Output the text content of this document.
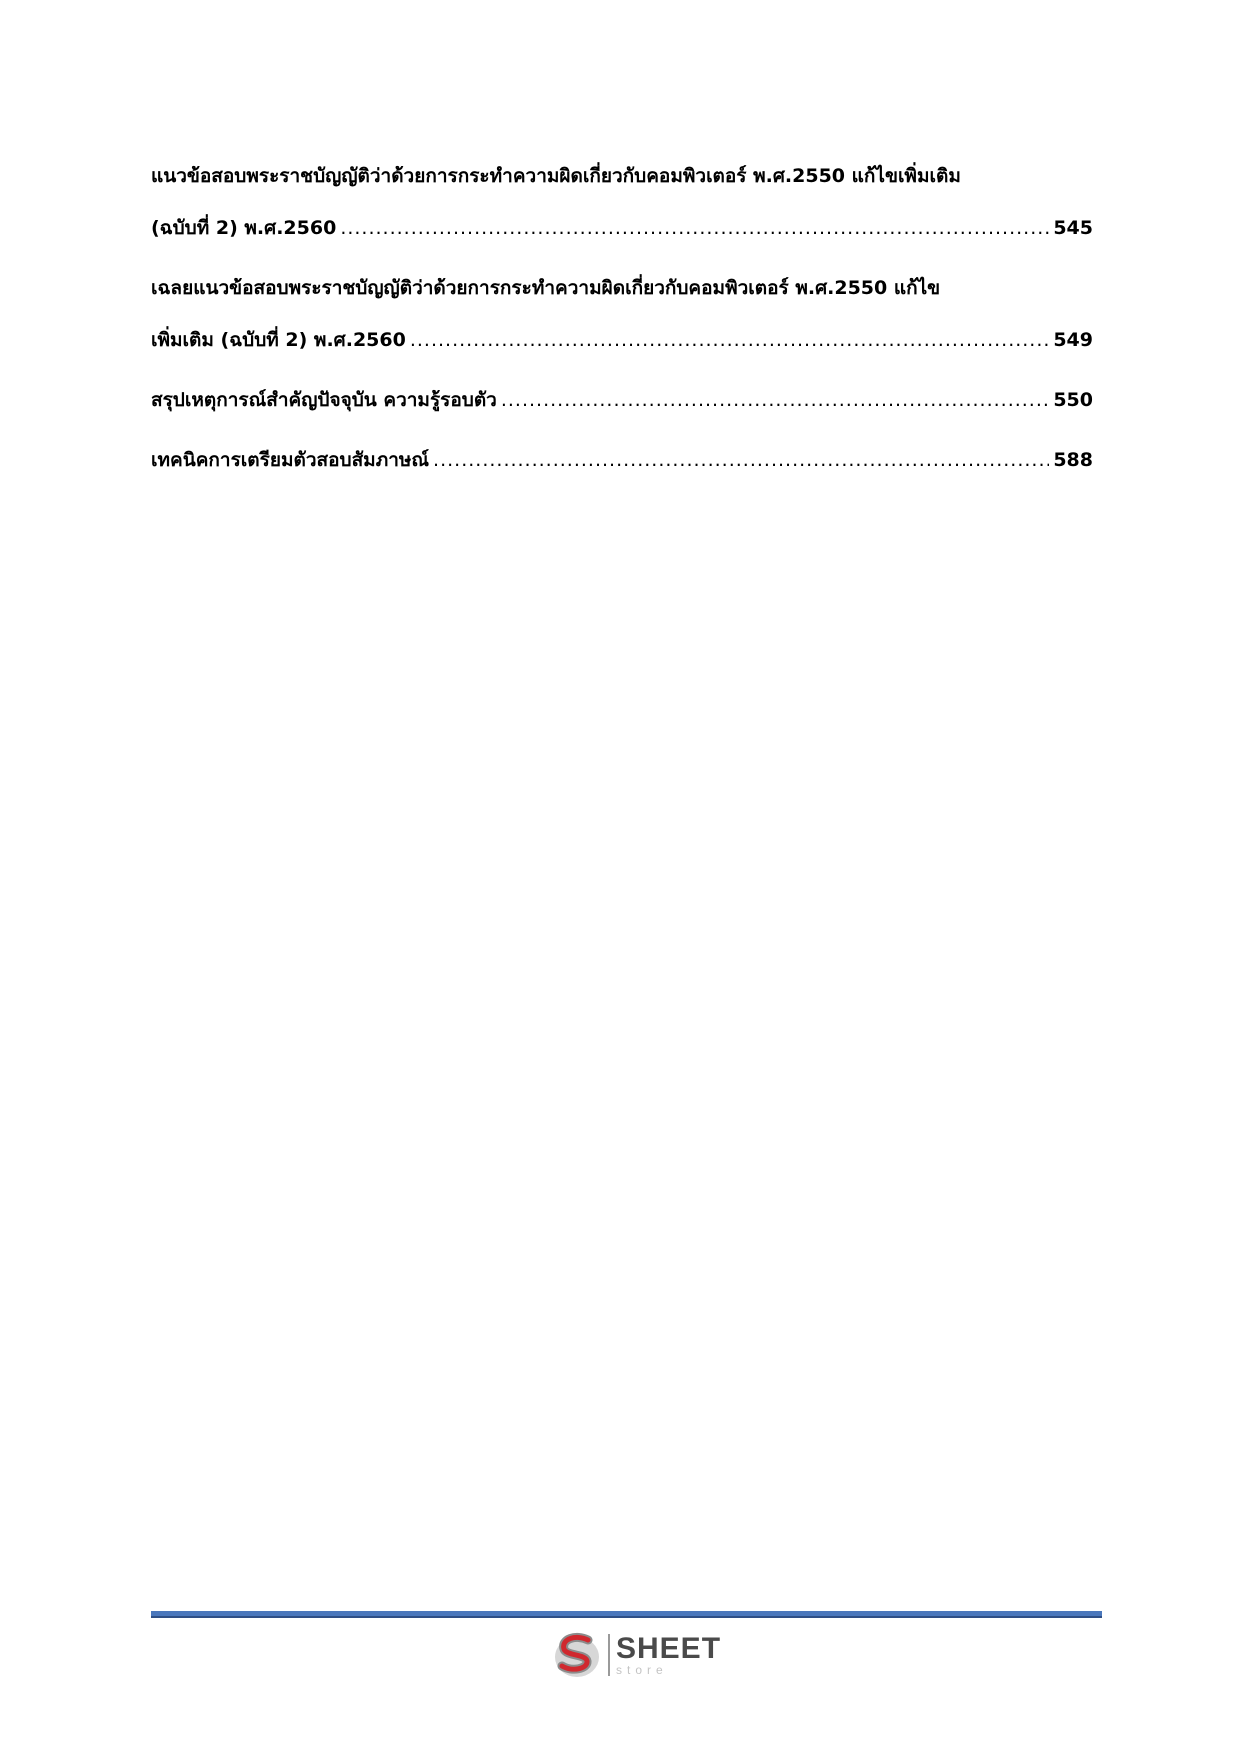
แนวข้อสอบพระราชบัญญัติว่าด้วยการกระทำความผิดเกี่ยวกับคอมพิวเตอร์ พ.ศ.2550 แก้ไขเพิ่มเติม
(ฉบับที่ 2) พ.ศ.2560 .....	545
เฉลยแนวข้อสอบพระราชบัญญัติว่าด้วยการกระทำความผิดเกี่ยวกับคอมพิวเตอร์ พ.ศ.2550 แก้ไข
เพิ่มเติม (ฉบับที่ 2) พ.ศ.2560 .....	549
สรุปเหตุการณ์สำคัญปัจจุบัน ความรู้รอบตัว .....	550
เทคนิคการเตรียมตัวสอบสัมภาษณ์ .....	588
SHEET
store
